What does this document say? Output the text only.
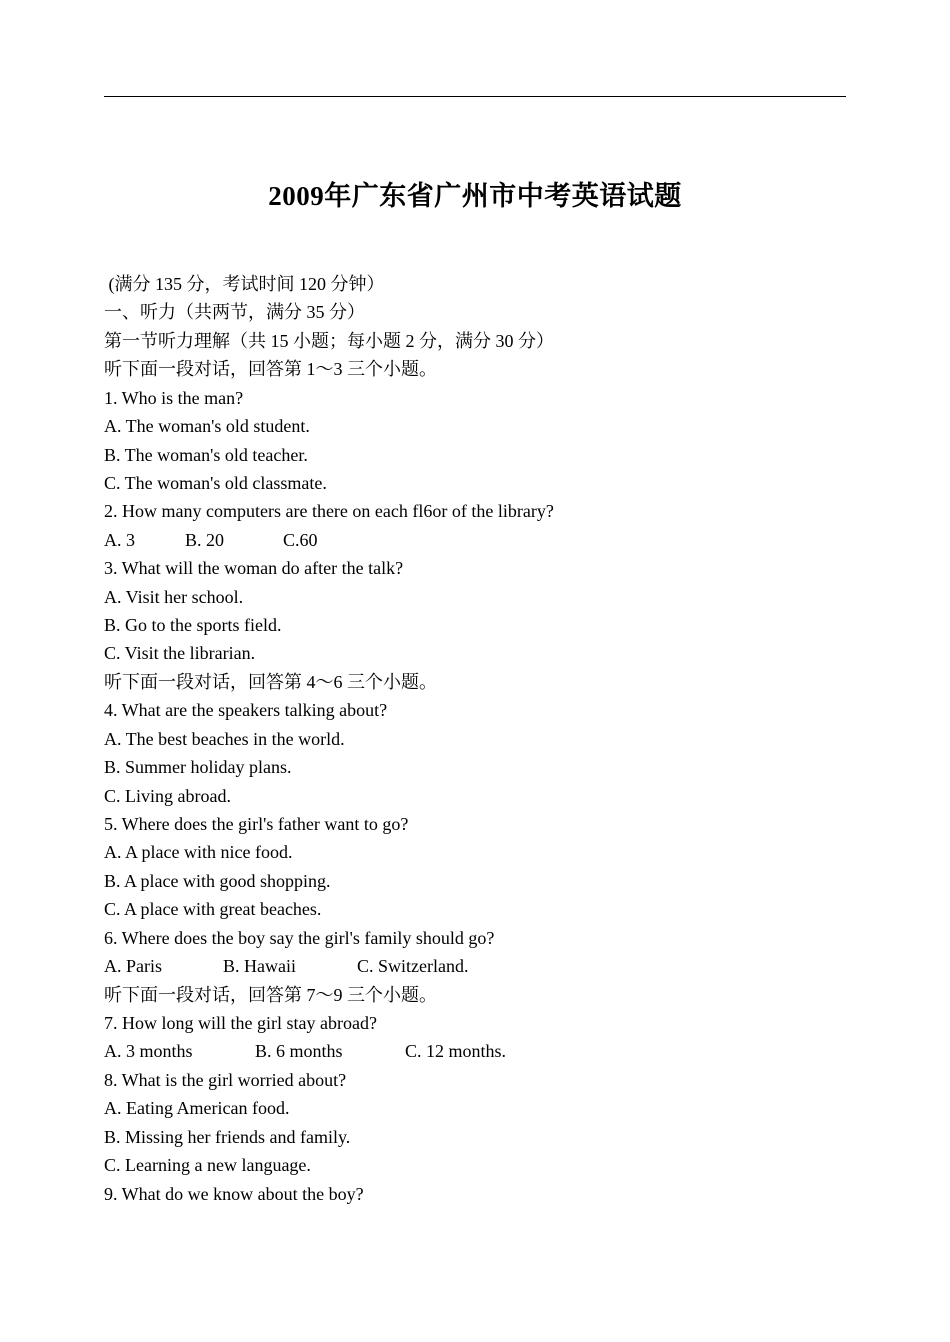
2009年广东省广州市中考英语试题
(满分 135 分，考试时间 120 分钟）
一、听力（共两节，满分 35 分）
第一节听力理解（共 15 小题；每小题 2 分，满分 30 分）
听下面一段对话，回答第 1～3 三个小题。
1. Who is the man?
A. The woman's old student.
B. The woman's old teacher.
C. The woman's old classmate.
2. How many computers are there on each fl6or of the library?
A. 3	B. 20	C.60
3. What will the woman do after the talk?
A. Visit her school.
B. Go to the sports field.
C. Visit the librarian.
听下面一段对话，回答第 4～6 三个小题。
4. What are the speakers talking about?
A. The best beaches in the world.
B. Summer holiday plans.
C. Living abroad.
5. Where does the girl's father want to go?
A. A place with nice food.
B. A place with good shopping.
C. A place with great beaches.
6. Where does the boy say the girl's family should go?
A. Paris	B. Hawaii	C. Switzerland.
听下面一段对话，回答第 7～9 三个小题。
7. How long will the girl stay abroad?
A. 3 months	B. 6 months	C. 12 months.
8. What is the girl worried about?
A. Eating American food.
B. Missing her friends and family.
C. Learning a new language.
9. What do we know about the boy?
